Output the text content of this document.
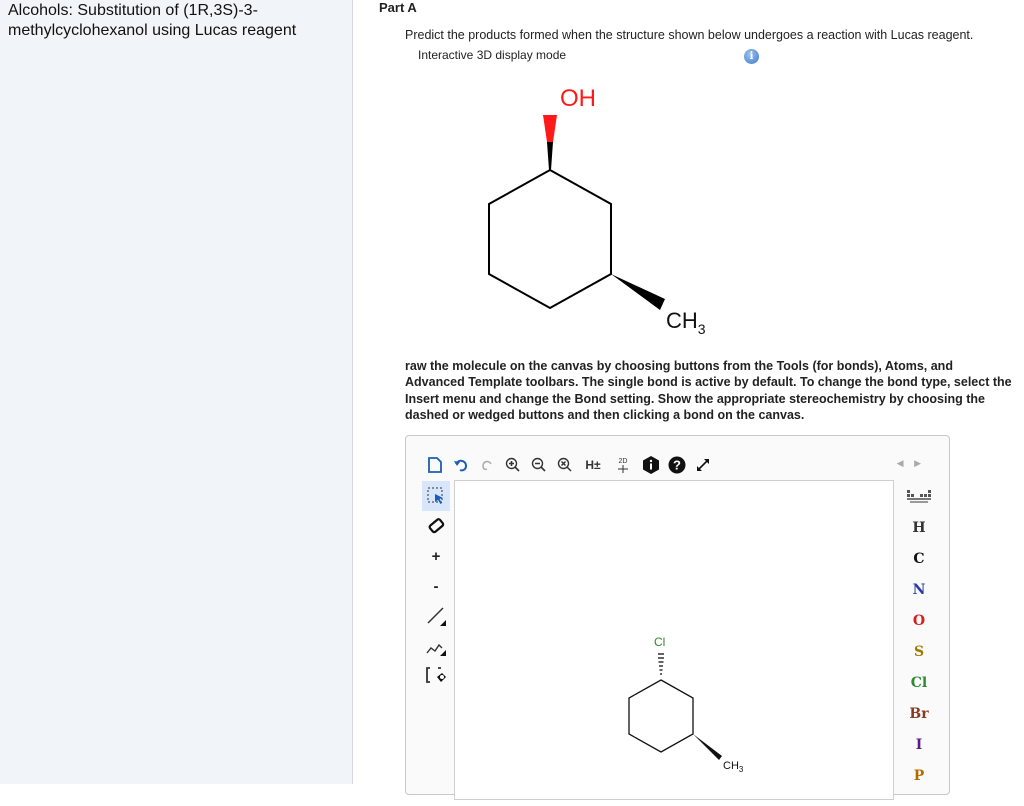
Alcohols: Substitution of (1R,3S)-3-methylcyclohexanol using Lucas reagent
Part A
Predict the products formed when the structure shown below undergoes a reaction with Lucas reagent.
Interactive 3D display mode	i
OH
$CH_3$
raw the molecule on the canvas by choosing buttons from the Tools (for bonds), Atoms, and Advanced Template toolbars. The single bond is active by default. To change the bond type, select the Insert menu and change the Bond setting. Show the appropriate stereochemistry by choosing the dashed or wedged buttons and then clicking a bond on the canvas.
H±	2D	?	◀ ▶
+
-
Cl
$CH_3$
H
C
N
O
S
Cl
Br
I
P
